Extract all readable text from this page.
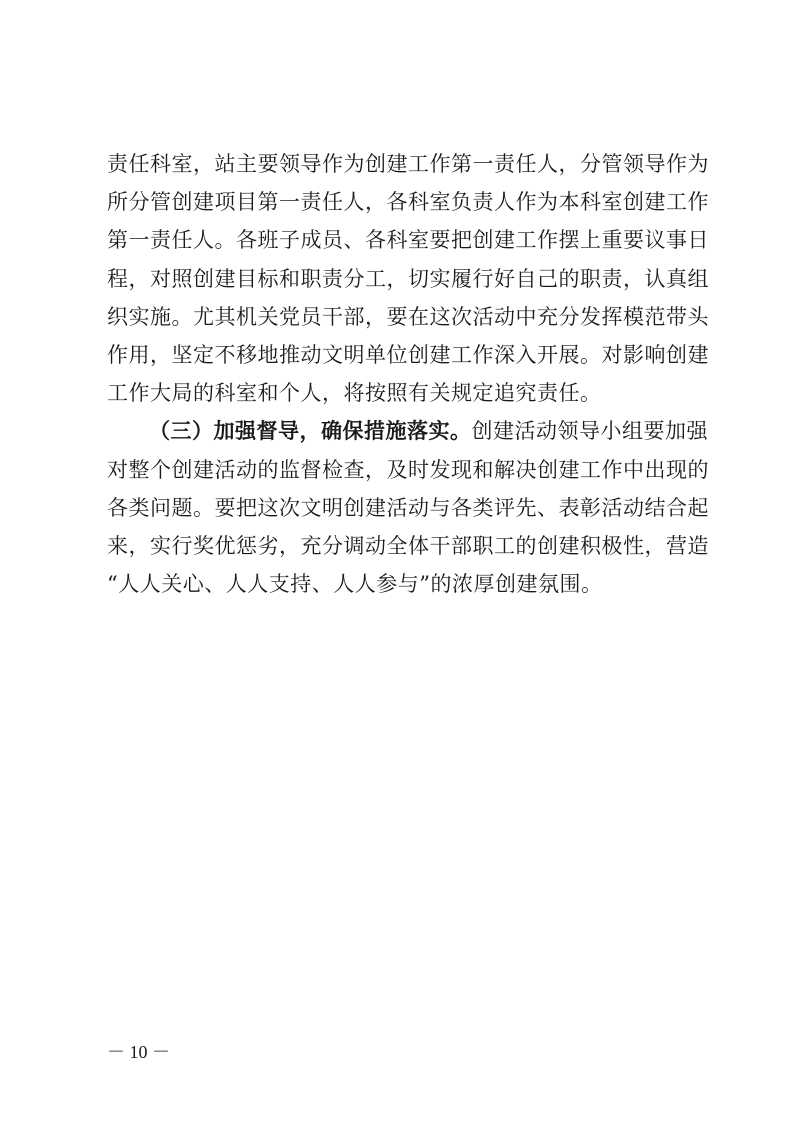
责任科室，站主要领导作为创建工作第一责任人，分管领导作为
所分管创建项目第一责任人，各科室负责人作为本科室创建工作
第一责任人。各班子成员、各科室要把创建工作摆上重要议事日
程，对照创建目标和职责分工，切实履行好自己的职责，认真组
织实施。尤其机关党员干部，要在这次活动中充分发挥模范带头
作用，坚定不移地推动文明单位创建工作深入开展。对影响创建
工作大局的科室和个人，将按照有关规定追究责任。
（三）加强督导，确保措施落实。创建活动领导小组要加强
对整个创建活动的监督检查，及时发现和解决创建工作中出现的
各类问题。要把这次文明创建活动与各类评先、表彰活动结合起
来，实行奖优惩劣，充分调动全体干部职工的创建积极性，营造
“人人关心、人人支持、人人参与”的浓厚创建氛围。
－ 10 －
